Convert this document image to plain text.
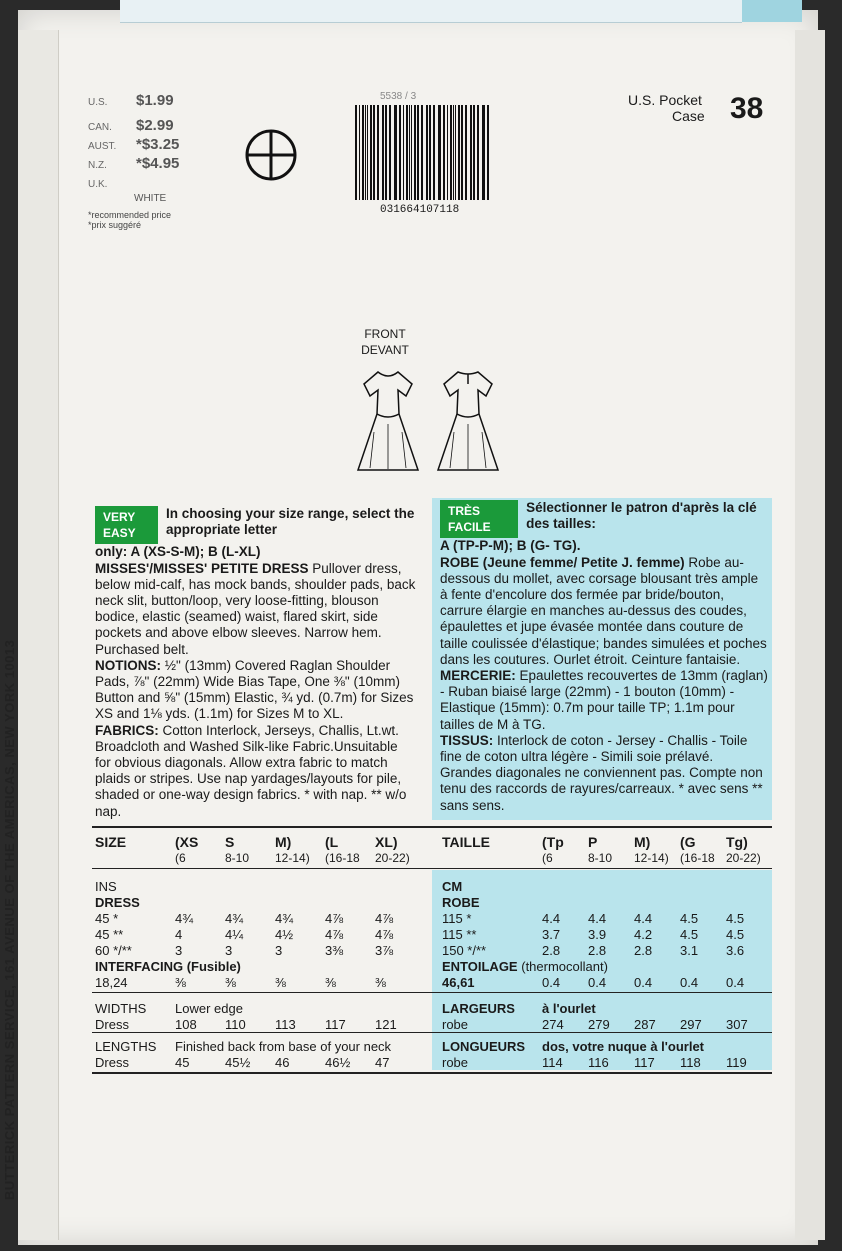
BUTTERICK PATTERN SERVICE, 161 AVENUE OF THE AMERICAS, NEW YORK 10013
U.S. $1.99
CAN. $2.99
AUST. *$3.25
N.Z. *$4.95
U.K.WHITE
*recommended price
*prix suggéré
5538 / 3
031664107118
U.S. Pocket
Case 38
FRONT
DEVANT
VERY EASY
In choosing your size range, select the appropriate letter
only: A (XS-S-M); B (L-XL)
MISSES'/MISSES' PETITE DRESS Pullover dress, below mid-calf, has mock bands, shoulder pads, back neck slit, button/loop, very loose-fitting, blouson bodice, elastic (seamed) waist, flared skirt, side pockets and above elbow sleeves. Narrow hem. Purchased belt.
NOTIONS: ½" (13mm) Covered Raglan Shoulder Pads, ⅞" (22mm) Wide Bias Tape, One ⅜" (10mm) Button and ⅝" (15mm) Elastic, ¾ yd. (0.7m) for Sizes XS and 1⅛ yds. (1.1m) for Sizes M to XL.
FABRICS: Cotton Interlock, Jerseys, Challis, Lt.wt. Broadcloth and Washed Silk-like Fabric.Unsuitable for obvious diagonals. Allow extra fabric to match plaids or stripes. Use nap yardages/layouts for pile, shaded or one-way design fabrics. * with nap. ** w/o nap.
TRÈS FACILE
Sélectionner le patron d'après la clé des tailles:
A (TP-P-M); B (G- TG).
ROBE (Jeune femme/ Petite J. femme) Robe au-dessous du mollet, avec corsage blousant très ample à fente d'encolure dos fermée par bride/bouton, carrure élargie en manches au-dessus des coudes, épaulettes et jupe évasée montée dans couture de taille coulissée d'élastique; bandes simulées et poches dans les coutures. Ourlet étroit. Ceinture fantaisie.
MERCERIE: Epaulettes recouvertes de 13mm (raglan) - Ruban biaisé large (22mm) - 1 bouton (10mm) - Elastique (15mm): 0.7m pour taille TP; 1.1m pour tailles de M à TG.
TISSUS: Interlock de coton - Jersey - Challis - Toile fine de coton ultra légère - Simili soie prélavé. Grandes diagonales ne conviennent pas. Compte non tenu des raccords de rayures/carreaux. * avec sens ** sans sens.
SIZE	(XS	S	M)	(L	XL)
	(6	8-10	12-14)	(16-18	20-22)
INS					
DRESS					
45 *	4¾	4¾	4¾	4⅞	4⅞
45 **	4	4¼	4½	4⅞	4⅞
60 */**	3	3	3	3⅜	3⅞
INTERFACING (Fusible)					
18,24	⅜	⅜	⅜	⅜	⅜
WIDTHS	Lower edge				
Dress	108	110	113	117	121
LENGTHS	Finished back from base of your neck				
Dress	45	45½	46	46½	47
TAILLE	(Tp	P	M)	(G	Tg)
	(6	8-10	12-14)	(16-18	20-22)
CM					
ROBE					
115 *	4.4	4.4	4.4	4.5	4.5
115 **	3.7	3.9	4.2	4.5	4.5
150 */**	2.8	2.8	2.8	3.1	3.6
ENTOILAGE (thermocollant)					
46,61	0.4	0.4	0.4	0.4	0.4
LARGEURS	à l'ourlet				
robe	274	279	287	297	307
LONGUEURS	dos, votre nuque à l'ourlet				
robe	114	116	117	118	119
